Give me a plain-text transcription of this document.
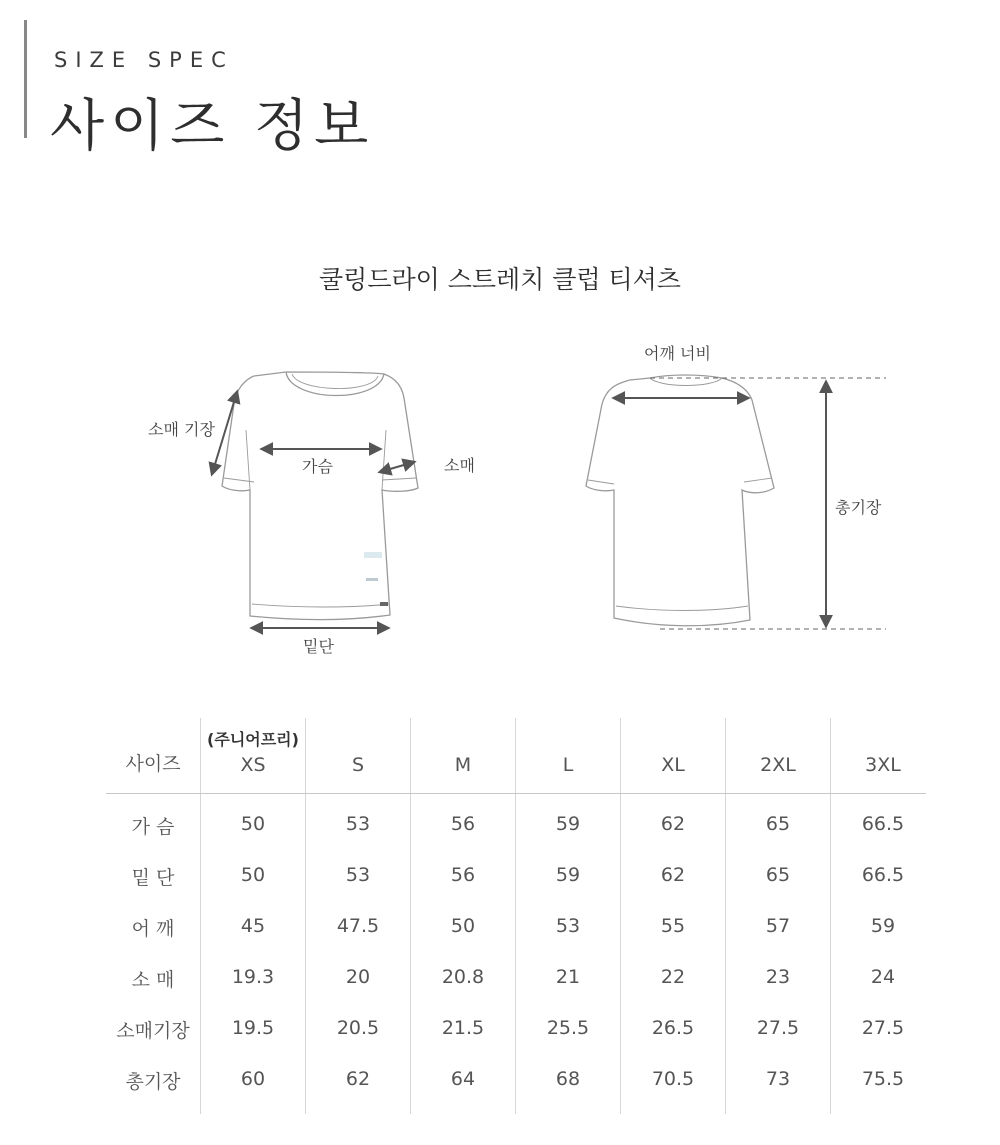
SIZE SPEC
사이즈 정보
쿨링드라이 스트레치 클럽 티셔츠
소매 기장
가슴	소매
밑단
어깨 너비
총기장
사이즈
(주니어프리)
XS	S	M	L	XL	2XL	3XL
가 슴	50	53	56	59	62	65	66.5
밑 단	50	53	56	59	62	65	66.5
어 깨	45	47.5	50	53	55	57	59
소 매	19.3	20	20.8	21	22	23	24
소매기장	19.5	20.5	21.5	25.5	26.5	27.5	27.5
총기장	60	62	64	68	70.5	73	75.5
